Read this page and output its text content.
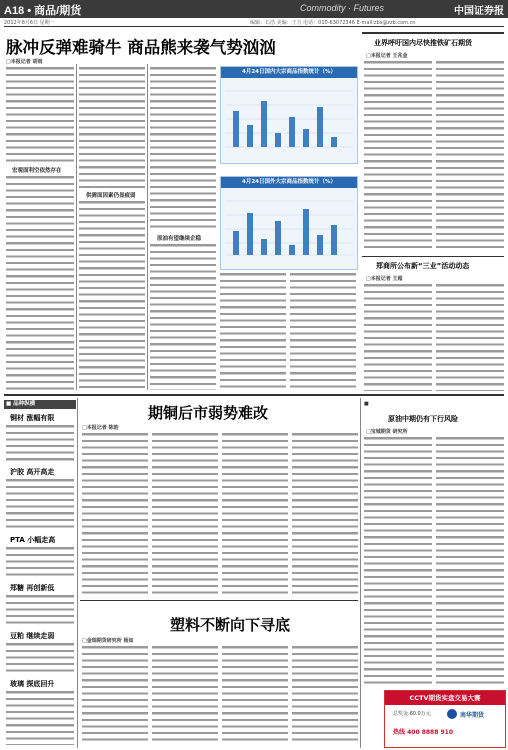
A18 • 商品/期货	Commodity · Futures	中国证券报
2012年8月6日 星期一	编辑：石浩 美编：王力 电话：010-63072346 E-mail:zbs@zzb.com.cn
脉冲反弹难骑牛 商品熊来袭气势汹汹
□本报记者 胡雨
宏观面利空依然存在
供需面因素仍显疲弱
原油有望继续企稳
4月24日国内大宗商品指数统计（%）
4月24日国外大宗商品指数统计（%）
业界呼吁国内尽快推铁矿石期货
□本报记者 王兆金
郑商所公布新“三业”活动动态
□本报记者 王超
■ 品种纵横
铜材 涨幅有限
沪胶 高开高走
PTA 小幅走高
郑糖 再创新低
豆粕 继续走弱
玻璃 探底回升
期铜后市弱势难改
□本报记者 陈韵
塑料不断向下寻底
□金瑞期货研究所 杨如
■
原油中期仍有下行风险
□宝城期货 研究所
CCTV期货实盘交易大赛
总奖金 60.0万元	南华期货
热线 400 8888 910
